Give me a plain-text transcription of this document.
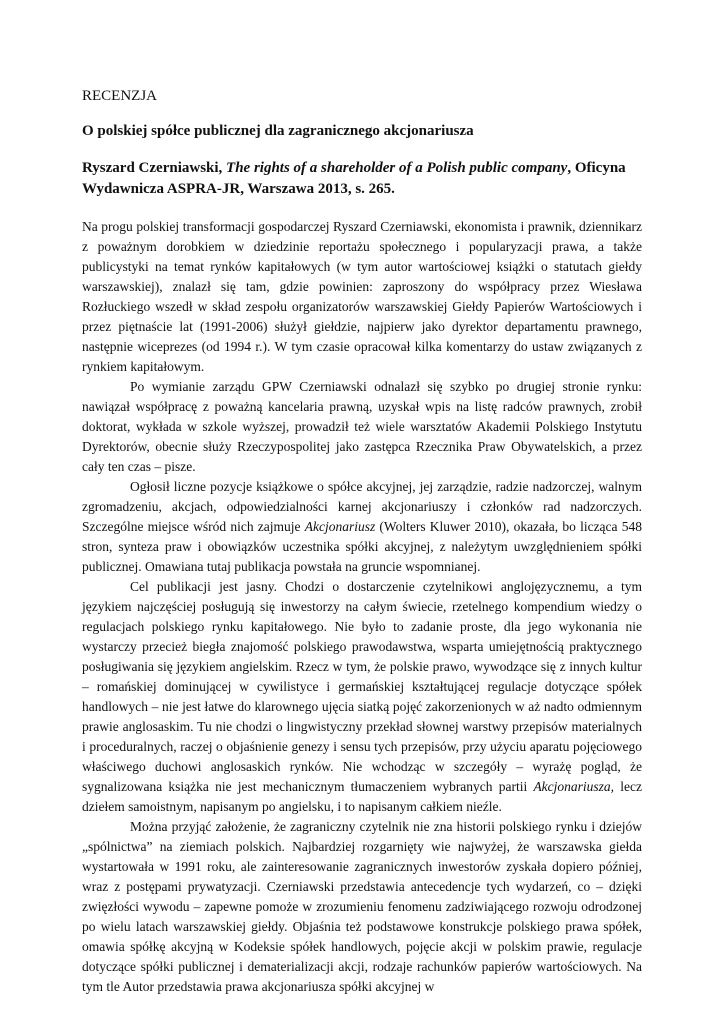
RECENZJA

O polskiej spółce publicznej dla zagranicznego akcjonariusza

Ryszard Czerniawski, The rights of a shareholder of a Polish public company, Oficyna Wydawnicza ASPRA-JR, Warszawa 2013, s. 265.

Na progu polskiej transformacji gospodarczej Ryszard Czerniawski, ekonomista i prawnik, dziennikarz z poważnym dorobkiem w dziedzinie reportażu społecznego i popularyzacji prawa, a także publicystyki na temat rynków kapitałowych (w tym autor wartościowej książki o statutach giełdy warszawskiej), znalazł się tam, gdzie powinien: zaproszony do współpracy przez Wiesława Rozłuckiego wszedł w skład zespołu organizatorów warszawskiej Giełdy Papierów Wartościowych i przez piętnaście lat (1991-2006) służył giełdzie, najpierw jako dyrektor departamentu prawnego, następnie wiceprezes (od 1994 r.). W tym czasie opracował kilka komentarzy do ustaw związanych z rynkiem kapitałowym.

Po wymianie zarządu GPW Czerniawski odnalazł się szybko po drugiej stronie rynku: nawiązał współpracę z poważną kancelaria prawną, uzyskał wpis na listę radców prawnych, zrobił doktorat, wykłada w szkole wyższej, prowadził też wiele warsztatów Akademii Polskiego Instytutu Dyrektorów, obecnie służy Rzeczypospolitej jako zastępca Rzecznika Praw Obywatelskich, a przez cały ten czas – pisze.

Ogłosił liczne pozycje książkowe o spółce akcyjnej, jej zarządzie, radzie nadzorczej, walnym zgromadzeniu, akcjach, odpowiedzialności karnej akcjonariuszy i członków rad nadzorczych. Szczególne miejsce wśród nich zajmuje Akcjonariusz (Wolters Kluwer 2010), okazała, bo licząca 548 stron, synteza praw i obowiązków uczestnika spółki akcyjnej, z należytym uwzględnieniem spółki publicznej. Omawiana tutaj publikacja powstała na gruncie wspomnianej.

Cel publikacji jest jasny. Chodzi o dostarczenie czytelnikowi anglojęzycznemu, a tym językiem najczęściej posługują się inwestorzy na całym świecie, rzetelnego kompendium wiedzy o regulacjach polskiego rynku kapitałowego. Nie było to zadanie proste, dla jego wykonania nie wystarczy przecież biegła znajomość polskiego prawodawstwa, wsparta umiejętnością praktycznego posługiwania się językiem angielskim. Rzecz w tym, że polskie prawo, wywodzące się z innych kultur – romańskiej dominującej w cywilistyce i germańskiej kształtującej regulacje dotyczące spółek handlowych – nie jest łatwe do klarownego ujęcia siatką pojęć zakorzenionych w aż nadto odmiennym prawie anglosaskim. Tu nie chodzi o lingwistyczny przekład słownej warstwy przepisów materialnych i proceduralnych, raczej o objaśnienie genezy i sensu tych przepisów, przy użyciu aparatu pojęciowego właściwego duchowi anglosaskich rynków. Nie wchodząc w szczegóły – wyrażę pogląd, że sygnalizowana książka nie jest mechanicznym tłumaczeniem wybranych partii Akcjonariusza, lecz dziełem samoistnym, napisanym po angielsku, i to napisanym całkiem nieźle.

Można przyjąć założenie, że zagraniczny czytelnik nie zna historii polskiego rynku i dziejów „spólnictwa” na ziemiach polskich. Najbardziej rozgarnięty wie najwyżej, że warszawska giełda wystartowała w 1991 roku, ale zainteresowanie zagranicznych inwestorów zyskała dopiero później, wraz z postępami prywatyzacji. Czerniawski przedstawia antecedencje tych wydarzeń, co – dzięki zwięzłości wywodu – zapewne pomoże w zrozumieniu fenomenu zadziwiającego rozwoju odrodzonej po wielu latach warszawskiej giełdy. Objaśnia też podstawowe konstrukcje polskiego prawa spółek, omawia spółkę akcyjną w Kodeksie spółek handlowych, pojęcie akcji w polskim prawie, regulacje dotyczące spółki publicznej i dematerializacji akcji, rodzaje rachunków papierów wartościowych. Na tym tle Autor przedstawia prawa akcjonariusza spółki akcyjnej w
